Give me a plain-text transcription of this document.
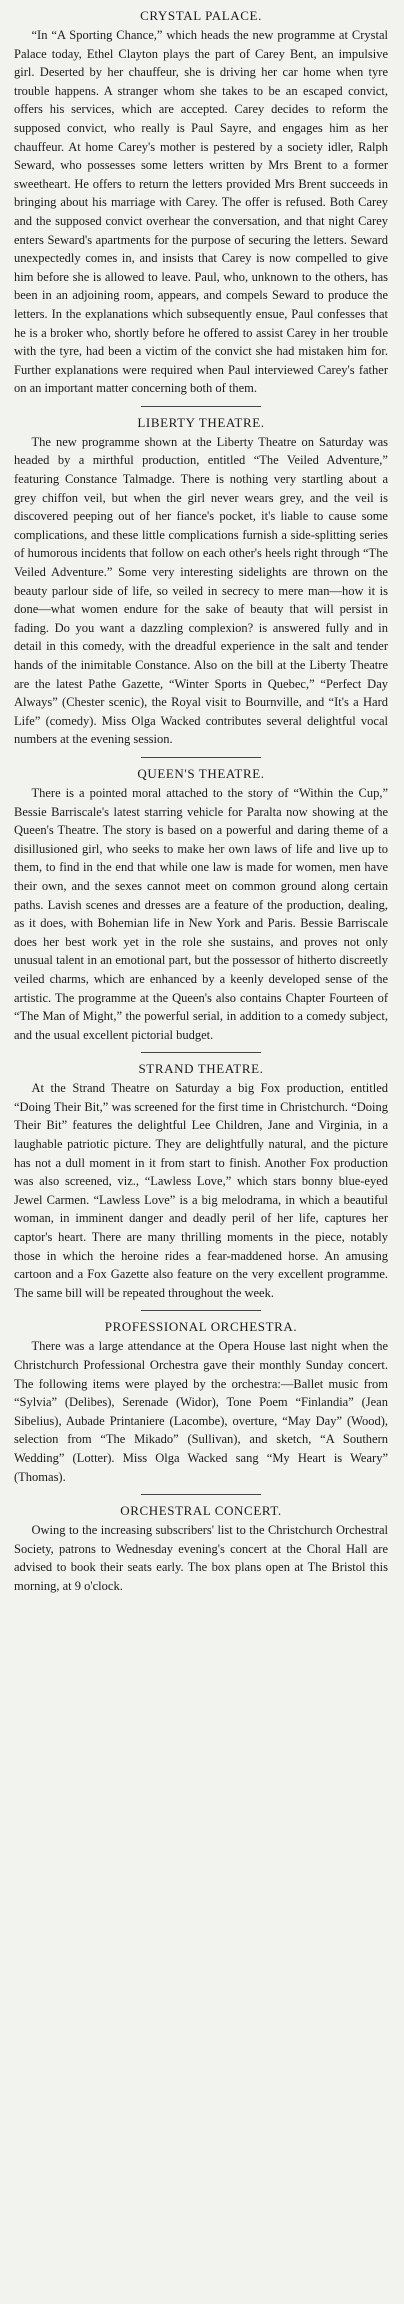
CRYSTAL PALACE.

“In “A Sporting Chance,” which heads the new programme at Crystal Palace today, Ethel Clayton plays the part of Carey Bent, an impulsive girl. Deserted by her chauffeur, she is driving her car home when tyre trouble happens. A stranger whom she takes to be an escaped convict, offers his services, which are accepted. Carey decides to reform the supposed convict, who really is Paul Sayre, and engages him as her chauffeur. At home Carey's mother is pestered by a society idler, Ralph Seward, who possesses some letters written by Mrs Brent to a former sweetheart. He offers to return the letters provided Mrs Brent succeeds in bringing about his marriage with Carey. The offer is refused. Both Carey and the supposed convict overhear the conversation, and that night Carey enters Seward's apartments for the purpose of securing the letters. Seward unexpectedly comes in, and insists that Carey is now compelled to give him before she is allowed to leave. Paul, who, unknown to the others, has been in an adjoining room, appears, and compels Seward to produce the letters. In the explanations which subsequently ensue, Paul confesses that he is a broker who, shortly before he offered to assist Carey in her trouble with the tyre, had been a victim of the convict she had mistaken him for. Further explanations were required when Paul interviewed Carey's father on an important matter concerning both of them.

LIBERTY THEATRE.

The new programme shown at the Liberty Theatre on Saturday was headed by a mirthful production, entitled “The Veiled Adventure,” featuring Constance Talmadge. There is nothing very startling about a grey chiffon veil, but when the girl never wears grey, and the veil is discovered peeping out of her fiance's pocket, it's liable to cause some complications, and these little complications furnish a side-splitting series of humorous incidents that follow on each other's heels right through “The Veiled Adventure.” Some very interesting sidelights are thrown on the beauty parlour side of life, so veiled in secrecy to mere man—how it is done—what women endure for the sake of beauty that will persist in fading. Do you want a dazzling complexion? is answered fully and in detail in this comedy, with the dreadful experience in the salt and tender hands of the inimitable Constance. Also on the bill at the Liberty Theatre are the latest Pathe Gazette, “Winter Sports in Quebec,” “Perfect Day Always” (Chester scenic), the Royal visit to Bournville, and “It's a Hard Life” (comedy). Miss Olga Wacked contributes several delightful vocal numbers at the evening session.

QUEEN'S THEATRE.

There is a pointed moral attached to the story of “Within the Cup,” Bessie Barriscale's latest starring vehicle for Paralta now showing at the Queen's Theatre. The story is based on a powerful and daring theme of a disillusioned girl, who seeks to make her own laws of life and live up to them, to find in the end that while one law is made for women, men have their own, and the sexes cannot meet on common ground along certain paths. Lavish scenes and dresses are a feature of the production, dealing, as it does, with Bohemian life in New York and Paris. Bessie Barriscale does her best work yet in the role she sustains, and proves not only unusual talent in an emotional part, but the possessor of hitherto discreetly veiled charms, which are enhanced by a keenly developed sense of the artistic. The programme at the Queen's also contains Chapter Fourteen of “The Man of Might,” the powerful serial, in addition to a comedy subject, and the usual excellent pictorial budget.

STRAND THEATRE.

At the Strand Theatre on Saturday a big Fox production, entitled “Doing Their Bit,” was screened for the first time in Christchurch. “Doing Their Bit” features the delightful Lee Children, Jane and Virginia, in a laughable patriotic picture. They are delightfully natural, and the picture has not a dull moment in it from start to finish. Another Fox production was also screened, viz., “Lawless Love,” which stars bonny blue-eyed Jewel Carmen. “Lawless Love” is a big melodrama, in which a beautiful woman, in imminent danger and deadly peril of her life, captures her captor's heart. There are many thrilling moments in the piece, notably those in which the heroine rides a fear-maddened horse. An amusing cartoon and a Fox Gazette also feature on the very excellent programme. The same bill will be repeated throughout the week.

PROFESSIONAL ORCHESTRA.

There was a large attendance at the Opera House last night when the Christchurch Professional Orchestra gave their monthly Sunday concert. The following items were played by the orchestra:—Ballet music from “Sylvia” (Delibes), Serenade (Widor), Tone Poem “Finlandia” (Jean Sibelius), Aubade Printaniere (Lacombe), overture, “May Day” (Wood), selection from “The Mikado” (Sullivan), and sketch, “A Southern Wedding” (Lotter). Miss Olga Wacked sang “My Heart is Weary” (Thomas).

ORCHESTRAL CONCERT.

Owing to the increasing subscribers' list to the Christchurch Orchestral Society, patrons to Wednesday evening's concert at the Choral Hall are advised to book their seats early. The box plans open at The Bristol this morning, at 9 o'clock.
